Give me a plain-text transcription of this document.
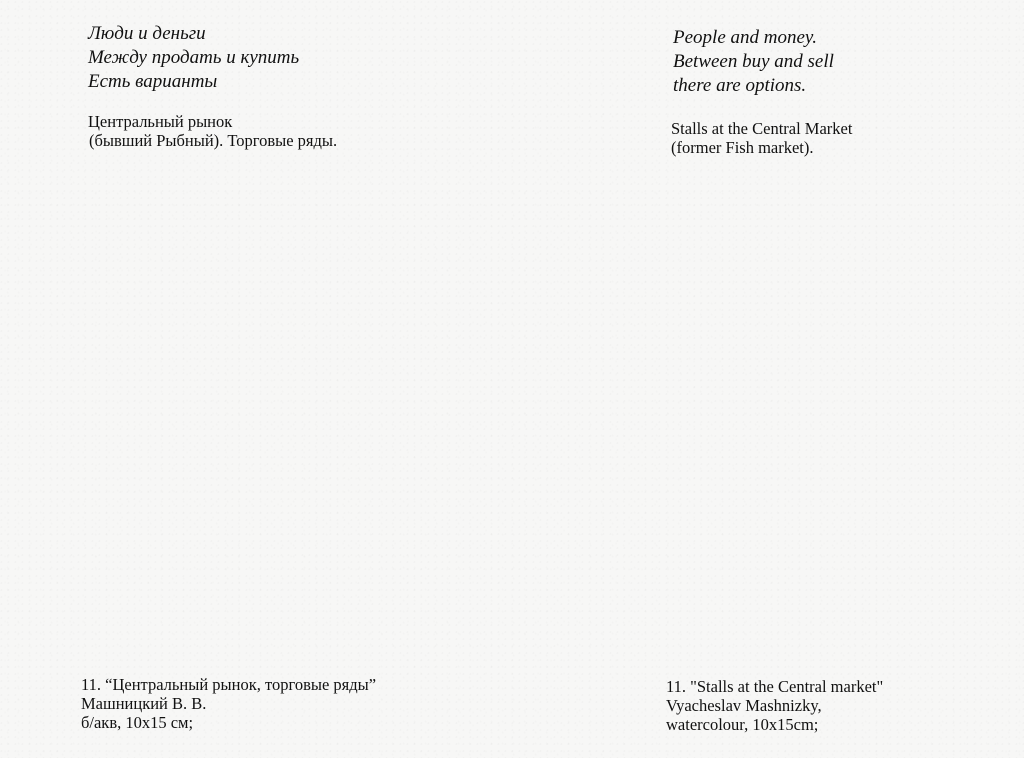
Люди и деньги
Между продать и купить
Есть варианты
Центральный рынок
(бывший Рыбный). Торговые ряды.
People and money.
Between buy and sell
there are options.
Stalls at the Central Market
(former Fish market).
11. “Центральный рынок, торговые ряды”
Машницкий В. В.
б/акв, 10x15 см;
11. "Stalls at the Central market"
Vyacheslav Mashnizky,
watercolour, 10x15cm;
